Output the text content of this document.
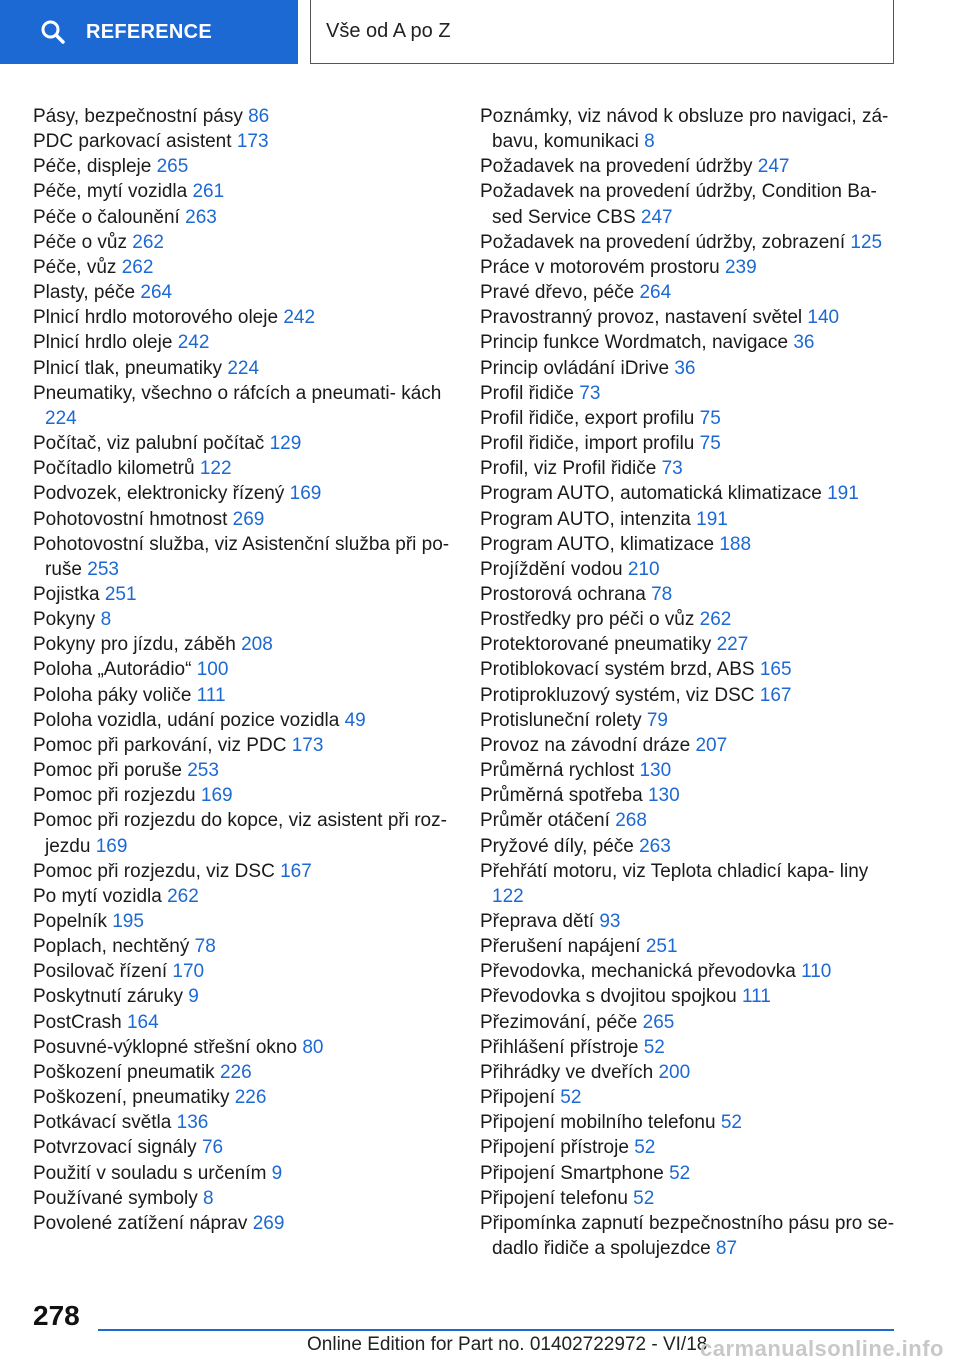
REFERENCE	Vše od A po Z

Pásy, bezpečnostní pásy 86

PDC parkovací asistent 173

Péče, displeje 265

Péče, mytí vozidla 261

Péče o čalounění 263

Péče o vůz 262

Péče, vůz 262

Plasty, péče 264

Plnicí hrdlo motorového oleje 242

Plnicí hrdlo oleje 242

Plnicí tlak, pneumatiky 224

Pneumatiky, všechno o ráfcích a pneumati‐ kách 224

Počítač, viz palubní počítač 129

Počítadlo kilometrů 122

Podvozek, elektronicky řízený 169

Pohotovostní hmotnost 269

Pohotovostní služba, viz Asistenční služba při po‐ ruše 253

Pojistka 251

Pokyny 8

Pokyny pro jízdu, záběh 208

Poloha „Autorádio“ 100

Poloha páky voliče 111

Poloha vozidla, udání pozice vozidla 49

Pomoc při parkování, viz PDC 173

Pomoc při poruše 253

Pomoc při rozjezdu 169

Pomoc při rozjezdu do kopce, viz asistent při roz‐ jezdu 169

Pomoc při rozjezdu, viz DSC 167

Po mytí vozidla 262

Popelník 195

Poplach, nechtěný 78

Posilovač řízení 170

Poskytnutí záruky 9

PostCrash 164

Posuvné-výklopné střešní okno 80

Poškození pneumatik 226

Poškození, pneumatiky 226

Potkávací světla 136

Potvrzovací signály 76

Použití v souladu s určením 9

Používané symboly 8

Povolené zatížení náprav 269

Poznámky, viz návod k obsluze pro navigaci, zá‐ bavu, komunikaci 8

Požadavek na provedení údržby 247

Požadavek na provedení údržby, Condition Ba‐ sed Service CBS 247

Požadavek na provedení údržby, zobrazení 125

Práce v motorovém prostoru 239

Pravé dřevo, péče 264

Pravostranný provoz, nastavení světel 140

Princip funkce Wordmatch, navigace 36

Princip ovládání iDrive 36

Profil řidiče 73

Profil řidiče, export profilu 75

Profil řidiče, import profilu 75

Profil, viz Profil řidiče 73

Program AUTO, automatická klimatizace 191

Program AUTO, intenzita 191

Program AUTO, klimatizace 188

Projíždění vodou 210

Prostorová ochrana 78

Prostředky pro péči o vůz 262

Protektorované pneumatiky 227

Protiblokovací systém brzd, ABS 165

Protiprokluzový systém, viz DSC 167

Protisluneční rolety 79

Provoz na závodní dráze 207

Průměrná rychlost 130

Průměrná spotřeba 130

Průměr otáčení 268

Pryžové díly, péče 263

Přehřátí motoru, viz Teplota chladicí kapa‐ liny 122

Přeprava dětí 93

Přerušení napájení 251

Převodovka, mechanická převodovka 110

Převodovka s dvojitou spojkou 111

Přezimování, péče 265

Přihlášení přístroje 52

Přihrádky ve dveřích 200

Připojení 52

Připojení mobilního telefonu 52

Připojení přístroje 52

Připojení Smartphone 52

Připojení telefonu 52

Připomínka zapnutí bezpečnostního pásu pro se‐ dadlo řidiče a spolujezdce 87

278
Online Edition for Part no. 01402722972 - VI/18
carmanualsonline.info
